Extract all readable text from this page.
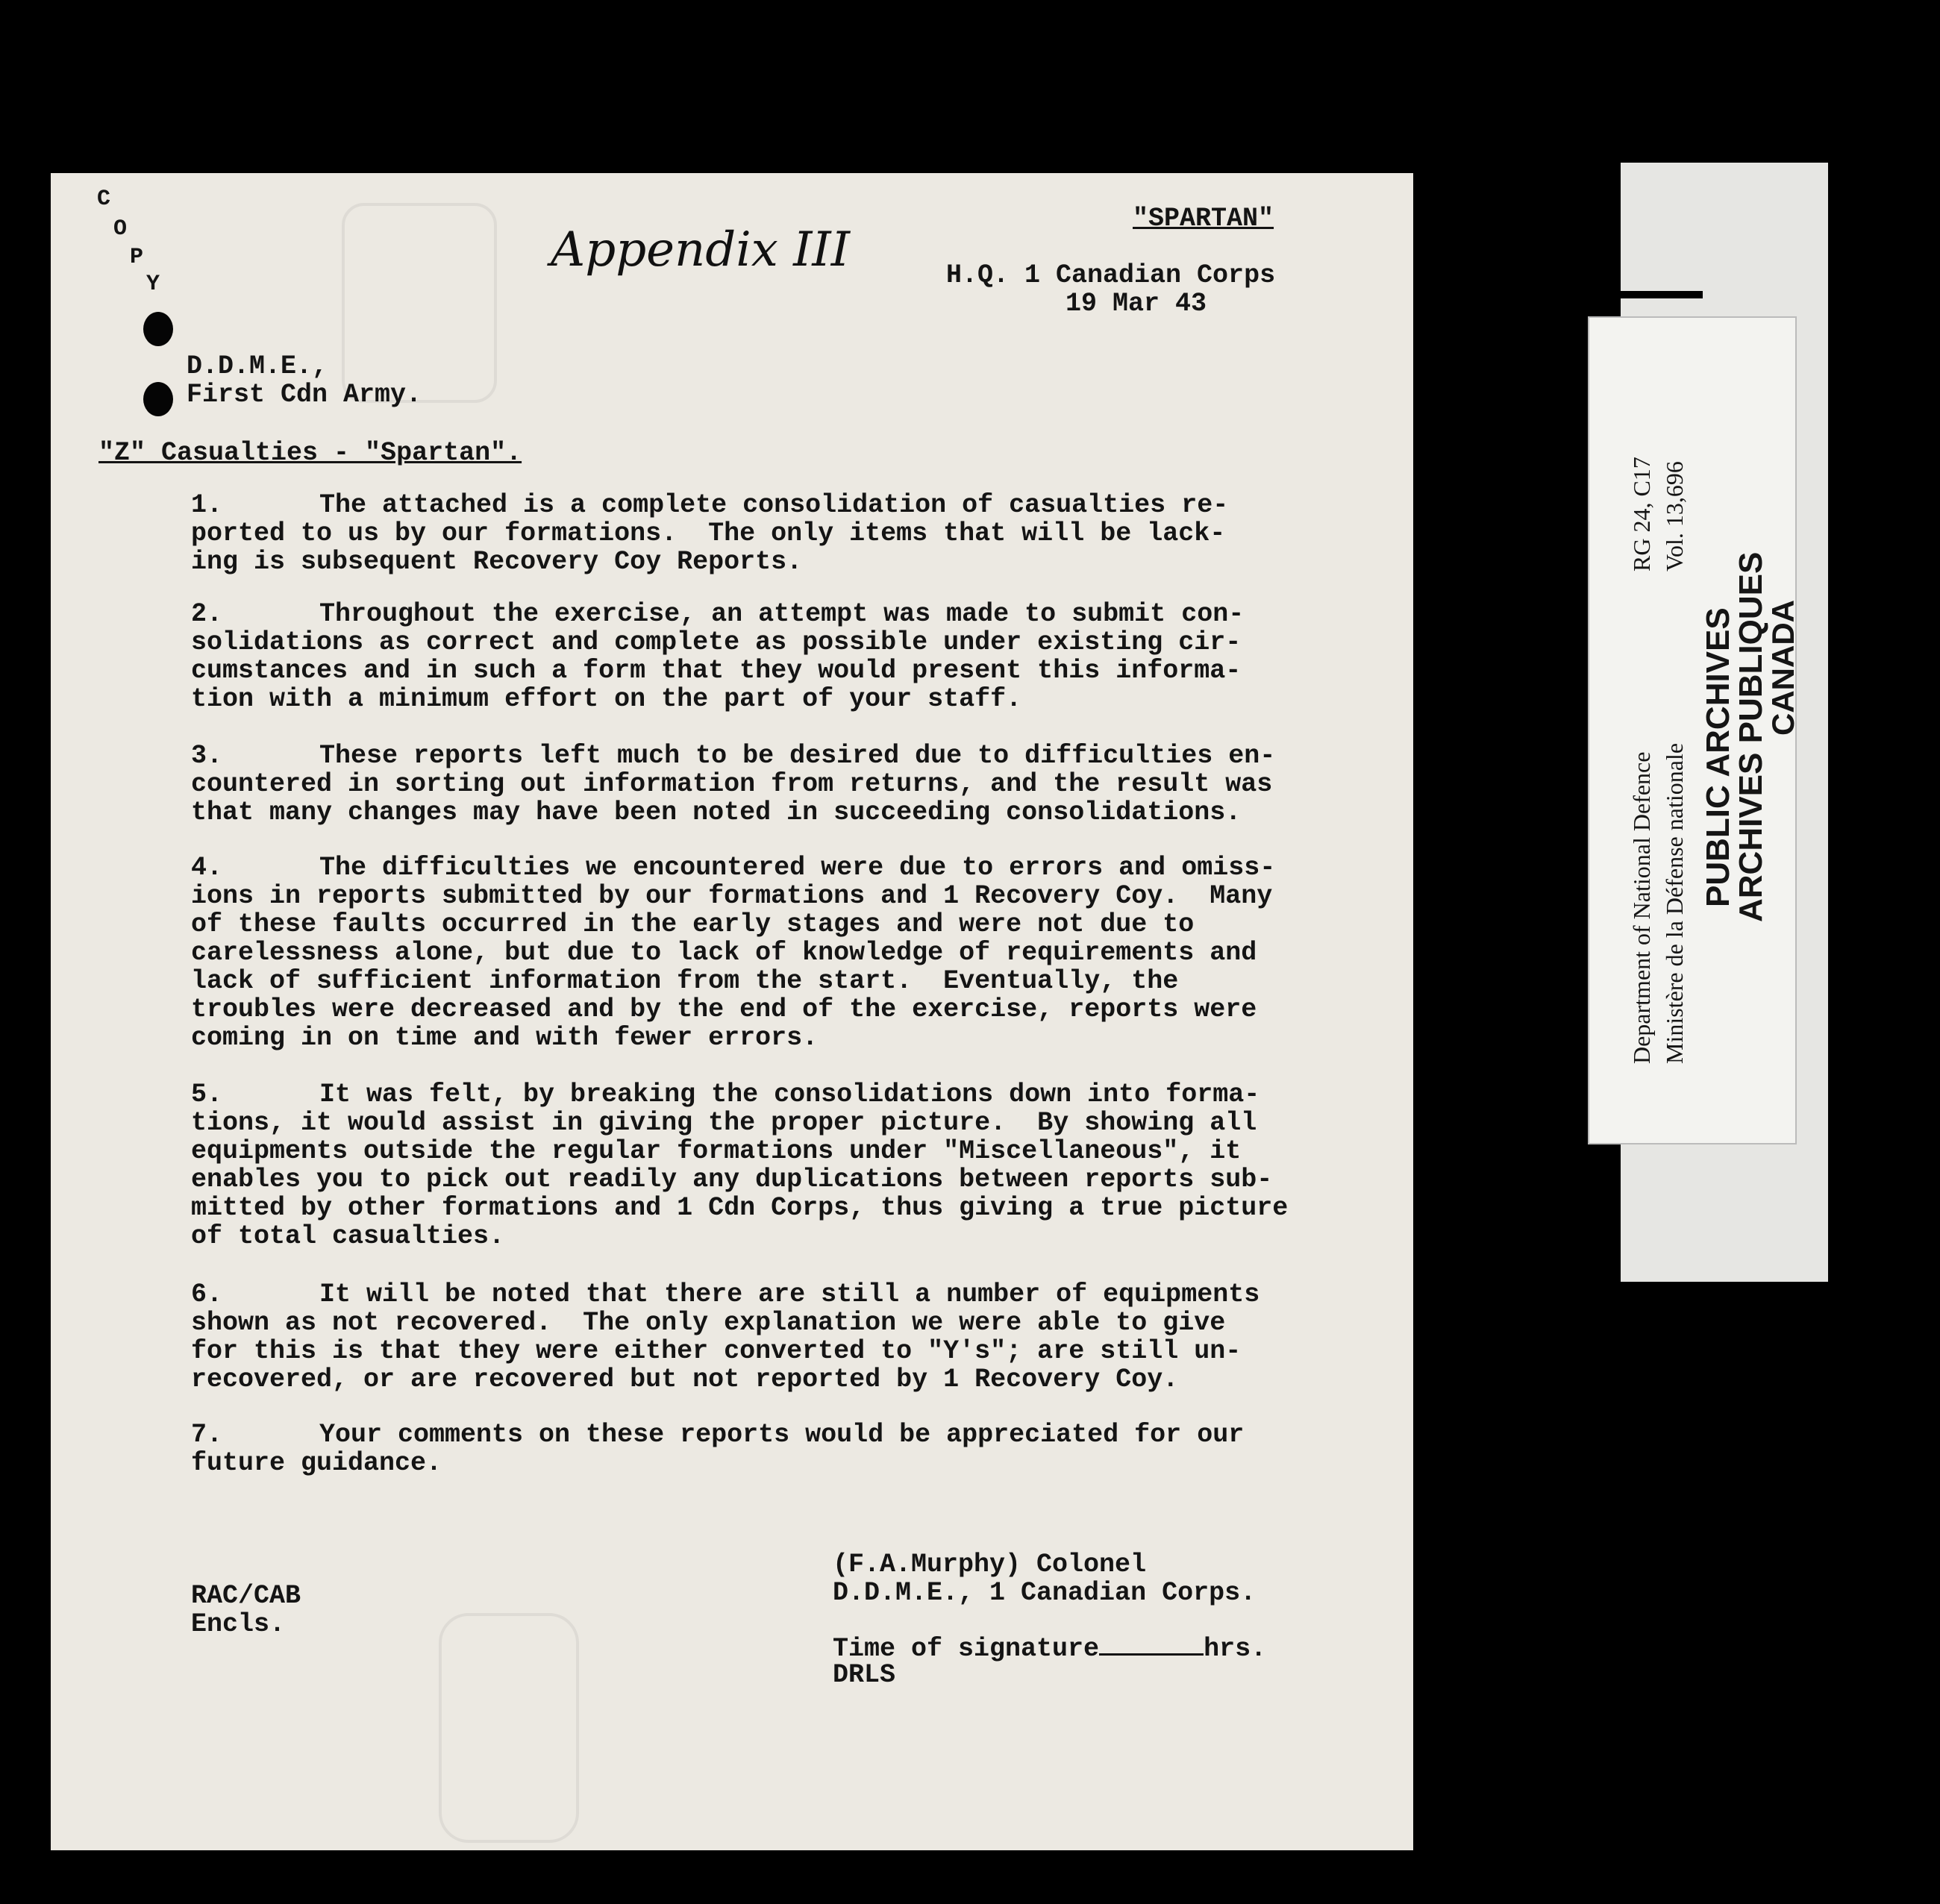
C
O
P
Y
Appendix III
"SPARTAN"
H.Q. 1 Canadian Corps
19 Mar 43
D.D.M.E.,
First Cdn Army.
"Z" Casualties - "Spartan".
1.	The attached is a complete consolidation of casualties re-
ported to us by our formations.  The only items that will be lack-
ing is subsequent Recovery Coy Reports.
2.	Throughout the exercise, an attempt was made to submit con-
solidations as correct and complete as possible under existing cir-
cumstances and in such a form that they would present this informa-
tion with a minimum effort on the part of your staff.
3.	These reports left much to be desired due to difficulties en-
countered in sorting out information from returns, and the result was
that many changes may have been noted in succeeding consolidations.
4.	The difficulties we encountered were due to errors and omiss-
ions in reports submitted by our formations and 1 Recovery Coy.  Many
of these faults occurred in the early stages and were not due to
carelessness alone, but due to lack of knowledge of requirements and
lack of sufficient information from the start.  Eventually, the
troubles were decreased and by the end of the exercise, reports were
coming in on time and with fewer errors.
5.	It was felt, by breaking the consolidations down into forma-
tions, it would assist in giving the proper picture.  By showing all
equipments outside the regular formations under "Miscellaneous", it
enables you to pick out readily any duplications between reports sub-
mitted by other formations and 1 Cdn Corps, thus giving a true picture
of total casualties.
6.	It will be noted that there are still a number of equipments
shown as not recovered.  The only explanation we were able to give
for this is that they were either converted to "Y's"; are still un-
recovered, or are recovered but not reported by 1 Recovery Coy.
7.	Your comments on these reports would be appreciated for our
future guidance.
RAC/CAB
Encls.
(F.A.Murphy) Colonel
D.D.M.E., 1 Canadian Corps.
Time of signature	hrs.
DRLS
Department of National Defence Ministère de la Défense nationale
RG 24, C17 Vol. 13,696
PUBLIC ARCHIVES
ARCHIVES PUBLIQUES
CANADA
